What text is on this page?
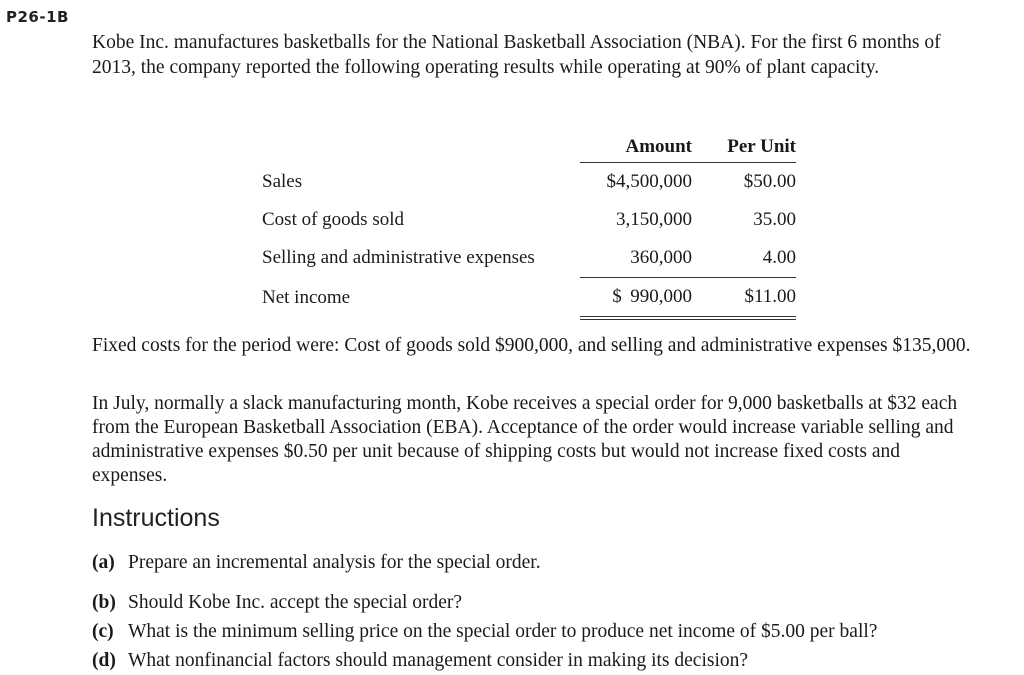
P26-1B
Kobe Inc. manufactures basketballs for the National Basketball Association (NBA). For the first 6 months of 2013, the company reported the following operating results while operating at 90% of plant capacity.
	Amount	Per Unit
Sales	$4,500,000	$50.00
Cost of goods sold	3,150,000	35.00
Selling and administrative expenses	360,000	4.00
Net income	$ 990,000	$11.00
Fixed costs for the period were: Cost of goods sold $900,000, and selling and administrative expenses $135,000.
In July, normally a slack manufacturing month, Kobe receives a special order for 9,000 basketballs at $32 each from the European Basketball Association (EBA). Acceptance of the order would increase variable selling and administrative expenses $0.50 per unit because of shipping costs but would not increase fixed costs and expenses.
Instructions
(a) Prepare an incremental analysis for the special order.
(b) Should Kobe Inc. accept the special order?
(c) What is the minimum selling price on the special order to produce net income of $5.00 per ball?
(d) What nonfinancial factors should management consider in making its decision?
